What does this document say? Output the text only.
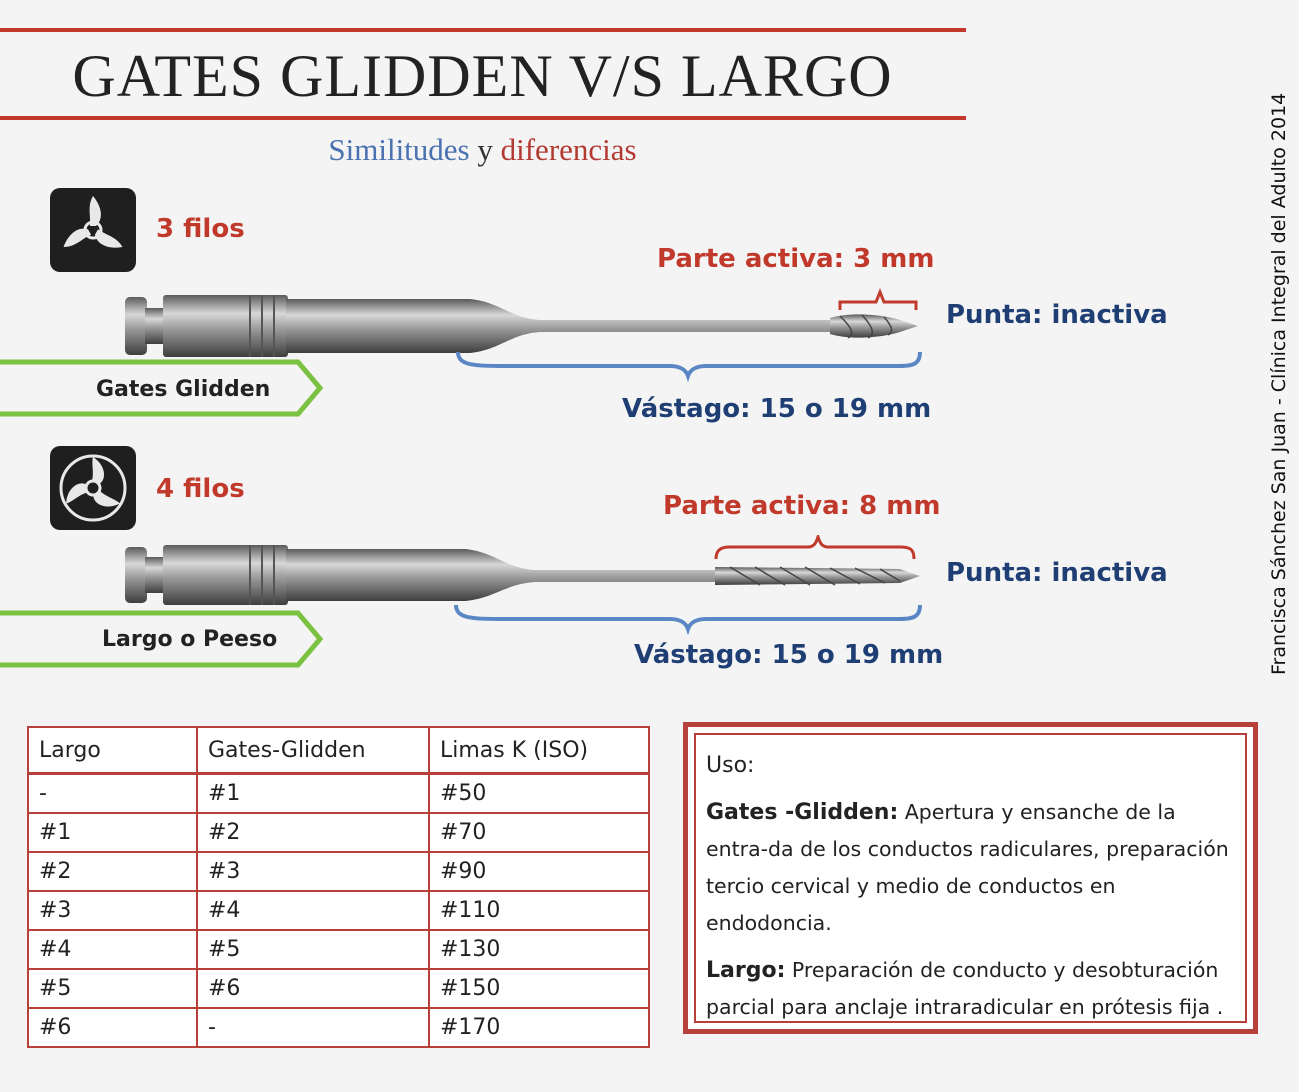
GATES GLIDDEN V/S LARGO
Similitudes y diferencias	Francisca Sánchez San Juan - Clínica Integral del Adulto 2014
3 filos
Parte activa: 3 mm
Punta: inactiva
Vástago: 15 o 19 mm
Gates Glidden
4 filos
Parte activa: 8 mm
Punta: inactiva
Vástago: 15 o 19 mm
Largo o Peeso
Largo	Gates-Glidden	Limas K (ISO)
-	#1	#50
#1	#2	#70
#2	#3	#90
#3	#4	#110
#4	#5	#130
#5	#6	#150
#6	-	#170

Uso:

Gates -Glidden: Apertura y ensanche de la entra-da de los conductos radiculares, preparación tercio cervical y medio de conductos en endodoncia.

Largo: Preparación de conducto y desobturación parcial para anclaje intraradicular en prótesis fija .
